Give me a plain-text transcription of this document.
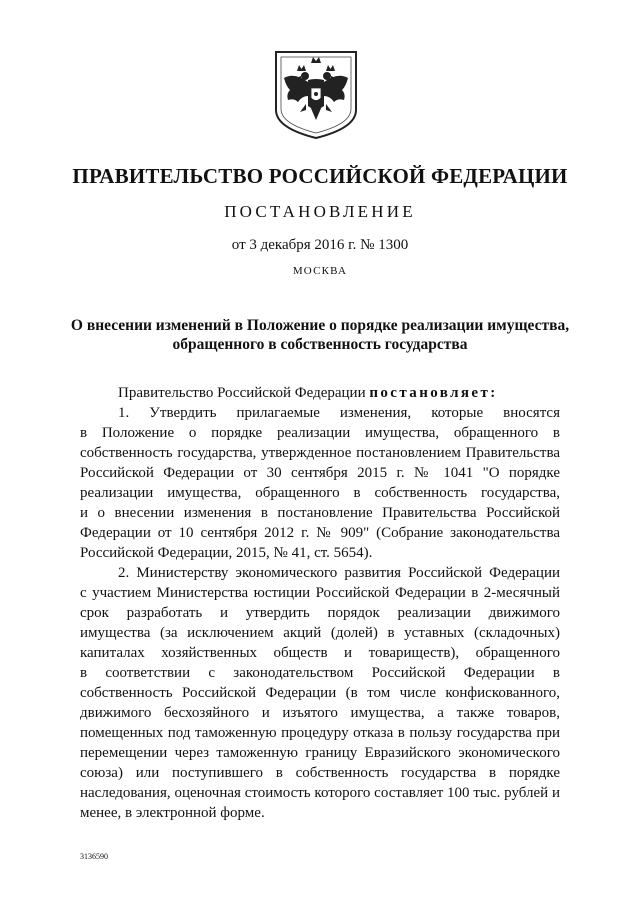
ПРАВИТЕЛЬСТВО РОССИЙСКОЙ ФЕДЕРАЦИИ
ПОСТАНОВЛЕНИЕ
от 3 декабря 2016 г. № 1300
МОСКВА
О внесении изменений в Положение о порядке реализации имущества,
обращенного в собственность государства

Правительство Российской Федерации постановляет:

1. Утвердить прилагаемые изменения, которые вносятся
в Положение о порядке реализации имущества, обращенного в
собственность государства, утвержденное постановлением Правительства
Российской Федерации от 30 сентября 2015 г. № 1041 "О порядке
реализации имущества, обращенного в собственность государства,
и о внесении изменения в постановление Правительства Российской
Федерации от 10 сентября 2012 г. № 909" (Собрание законодательства
Российской Федерации, 2015, № 41, ст. 5654).
2. Министерству экономического развития Российской Федерации
с участием Министерства юстиции Российской Федерации в 2-месячный
срок разработать и утвердить порядок реализации движимого
имущества (за исключением акций (долей) в уставных (складочных)
капиталах хозяйственных обществ и товариществ), обращенного
в соответствии с законодательством Российской Федерации в
собственность Российской Федерации (в том числе конфискованного,
движимого бесхозяйного и изъятого имущества, а также товаров,
помещенных под таможенную процедуру отказа в пользу государства при
перемещении через таможенную границу Евразийского экономического
союза) или поступившего в собственность государства в порядке
наследования, оценочная стоимость которого составляет 100 тыс. рублей и
менее, в электронной форме.
3136590
